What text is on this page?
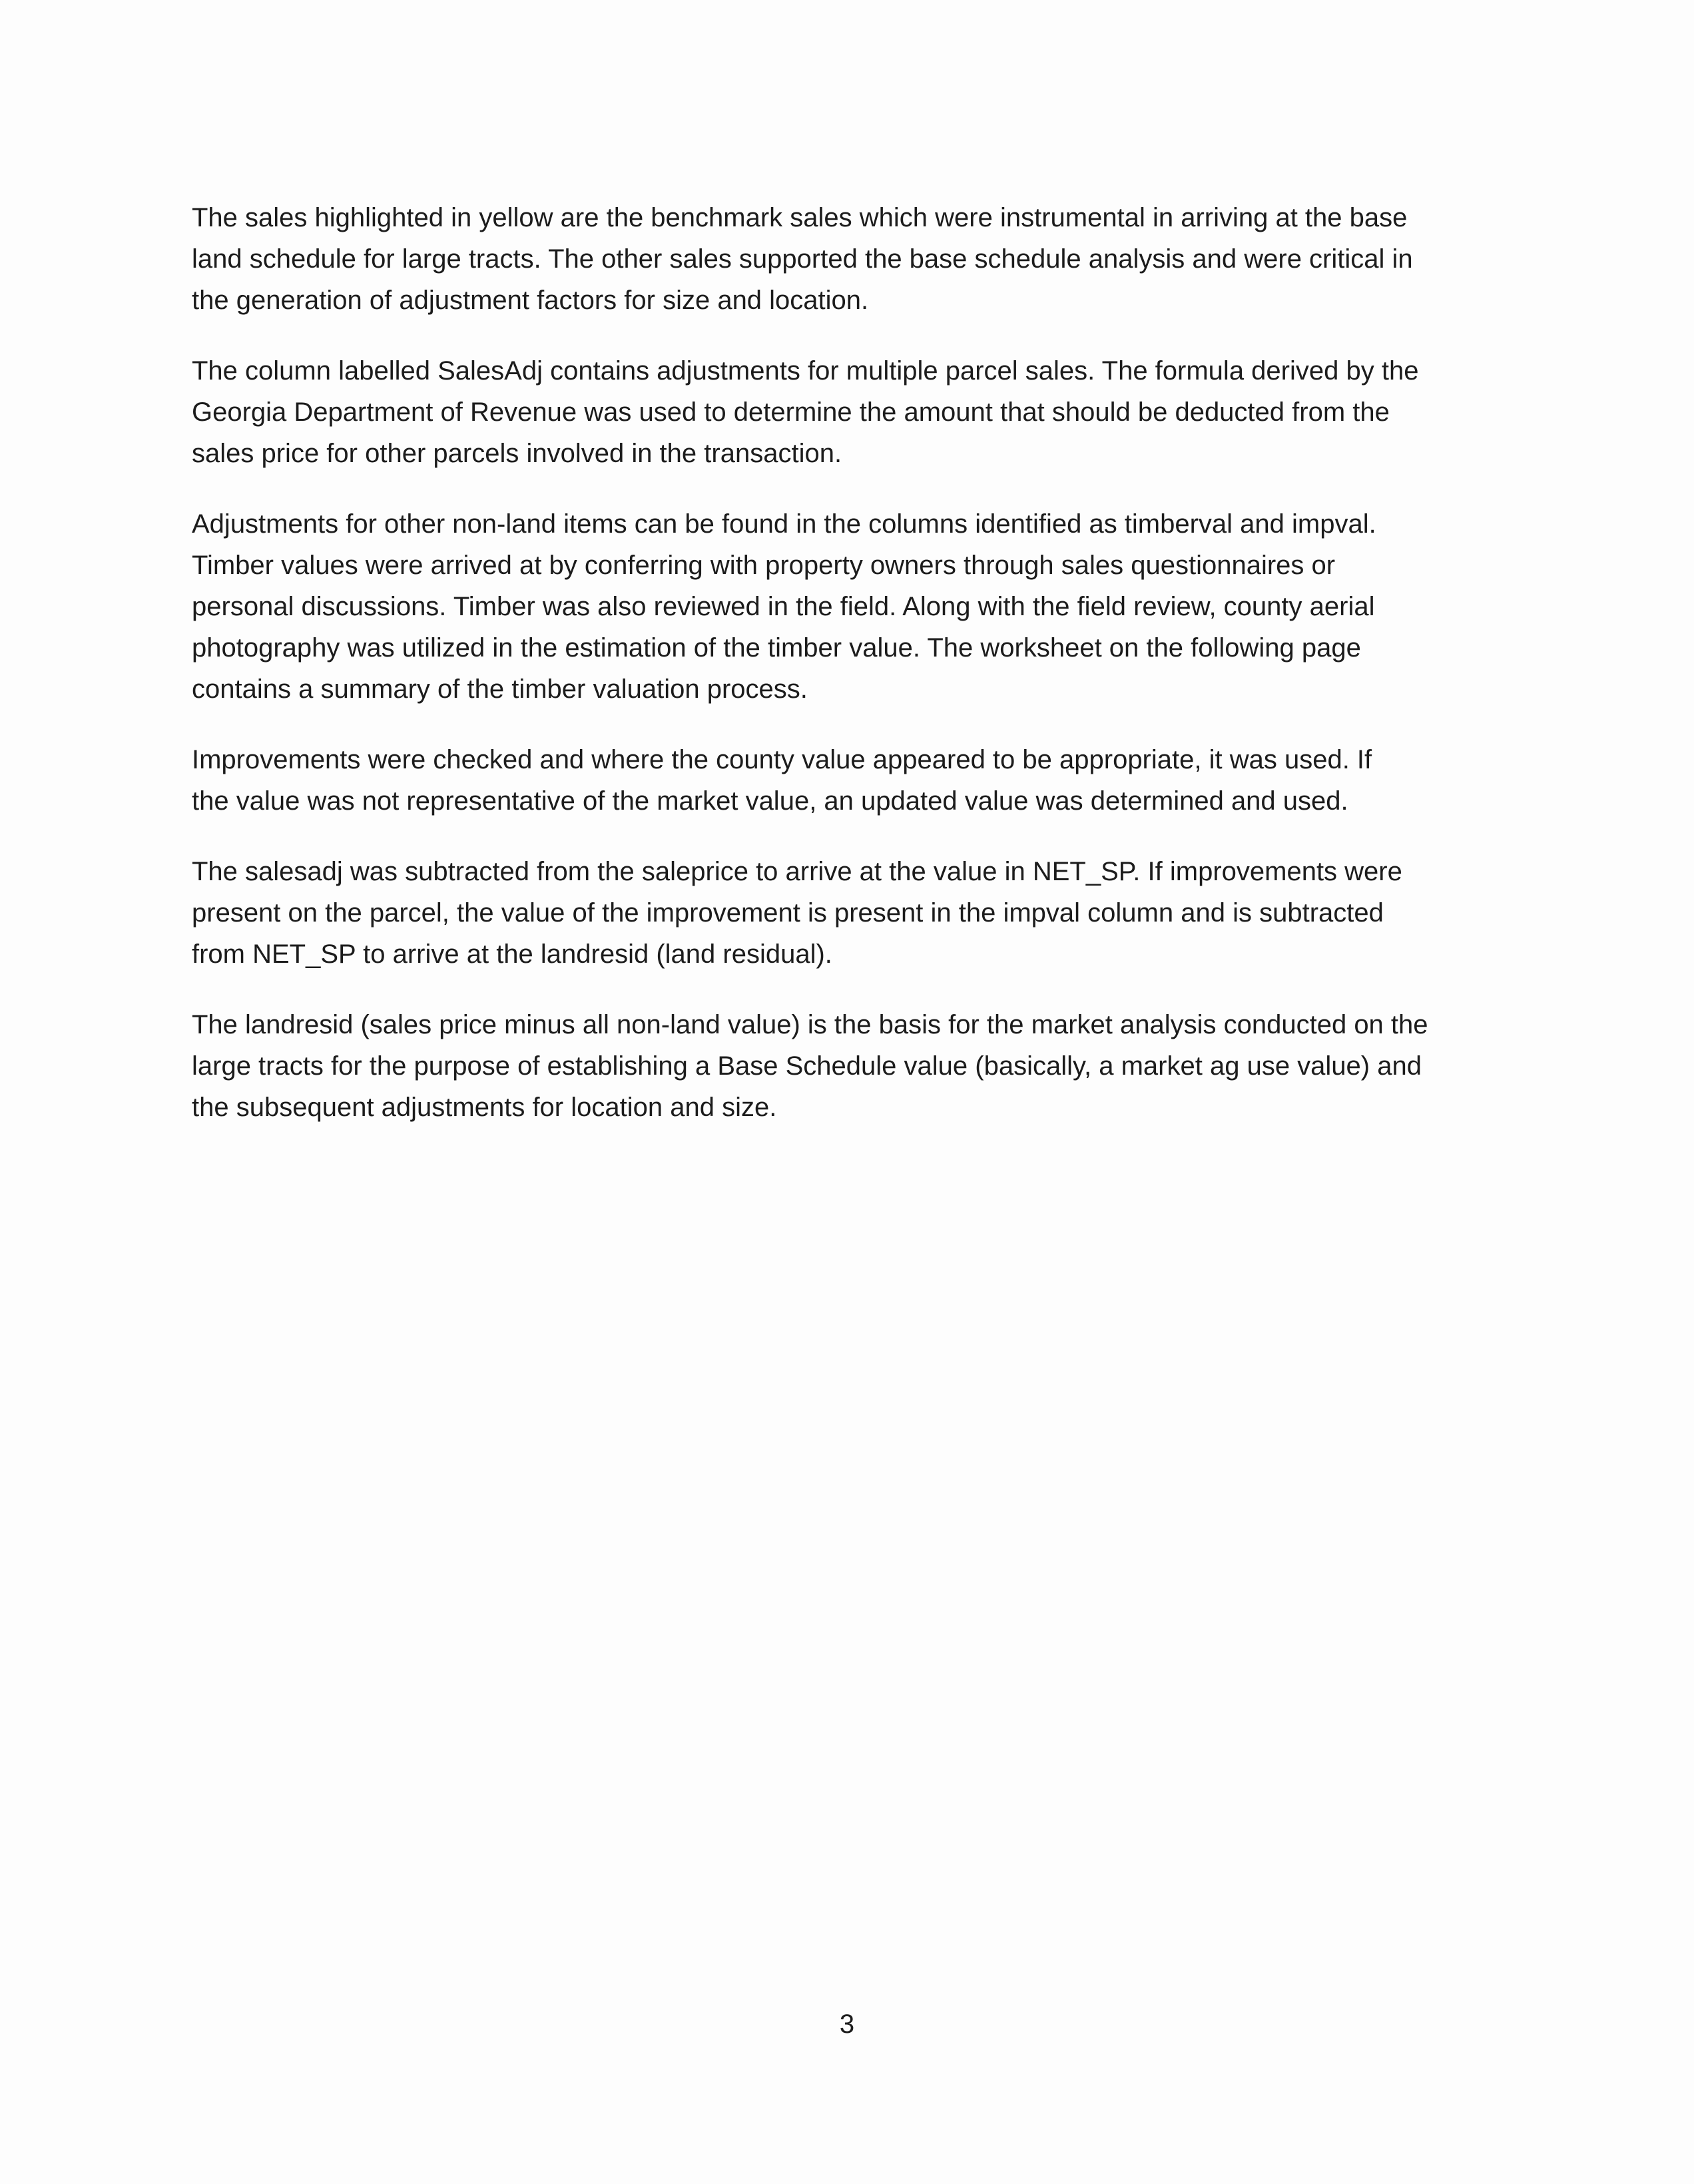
The sales highlighted in yellow are the benchmark sales which were instrumental in arriving at the base
land schedule for large tracts. The other sales supported the base schedule analysis and were critical in
the generation of adjustment factors for size and location.

The column labelled SalesAdj contains adjustments for multiple parcel sales. The formula derived by the
Georgia Department of Revenue was used to determine the amount that should be deducted from the
sales price for other parcels involved in the transaction.

Adjustments for other non-land items can be found in the columns identified as timberval and impval.
Timber values were arrived at by conferring with property owners through sales questionnaires or
personal discussions. Timber was also reviewed in the field. Along with the field review, county aerial
photography was utilized in the estimation of the timber value. The worksheet on the following page
contains a summary of the timber valuation process.

Improvements were checked and where the county value appeared to be appropriate, it was used. If
the value was not representative of the market value, an updated value was determined and used.

The salesadj was subtracted from the saleprice to arrive at the value in NET_SP. If improvements were
present on the parcel, the value of the improvement is present in the impval column and is subtracted
from NET_SP to arrive at the landresid (land residual).

The landresid (sales price minus all non-land value) is the basis for the market analysis conducted on the
large tracts for the purpose of establishing a Base Schedule value (basically, a market ag use value) and
the subsequent adjustments for location and size.

3
